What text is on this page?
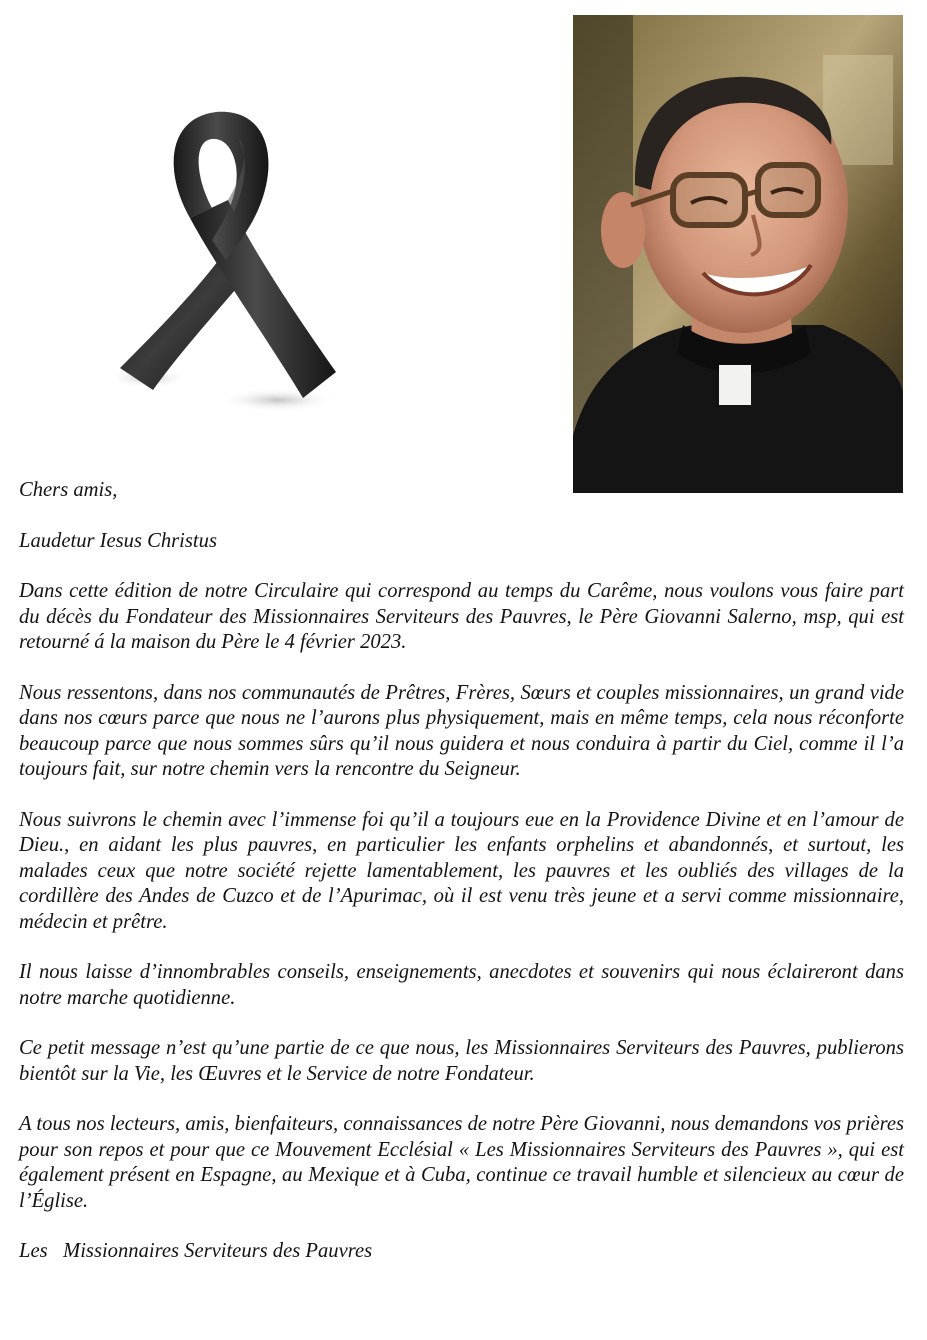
Chers amis,

Laudetur Iesus Christus

Dans cette édition de notre Circulaire qui correspond au temps du Carême, nous voulons vous faire part du décès du Fondateur des Missionnaires Serviteurs des Pauvres, le Père Giovanni Salerno, msp, qui est retourné á la maison du Père le 4 février 2023.

Nous ressentons, dans nos communautés de Prêtres, Frères, Sœurs et couples missionnaires, un grand vide dans nos cœurs parce que nous ne l’aurons plus physiquement, mais en même temps, cela nous réconforte beaucoup parce que nous sommes sûrs qu’il nous guidera et nous conduira à partir du Ciel, comme il l’a toujours fait, sur notre chemin vers la rencontre du Seigneur.

Nous suivrons le chemin avec l’immense foi qu’il a toujours eue en la Providence Divine et en l’amour de Dieu., en aidant les plus pauvres, en particulier les enfants orphelins et abandonnés, et surtout, les malades ceux que notre société rejette lamentablement, les pauvres et les oubliés des villages de la cordillère des Andes de Cuzco et de l’Apurimac, où il est venu très jeune et a servi comme missionnaire, médecin et prêtre.

Il nous laisse d’innombrables conseils, enseignements, anecdotes et souvenirs qui nous éclaireront dans notre marche quotidienne.

Ce petit message n’est qu’une partie de ce que nous, les Missionnaires Serviteurs des Pauvres, publierons bientôt sur la Vie, les Œuvres et le Service de notre Fondateur.

A tous nos lecteurs, amis, bienfaiteurs, connaissances de notre Père Giovanni, nous demandons vos prières pour son repos et pour que ce Mouvement Ecclésial « Les Missionnaires Serviteurs des Pauvres », qui est également présent en Espagne, au Mexique et à Cuba, continue ce travail humble et silencieux au cœur de l’Église.

Les   Missionnaires Serviteurs des Pauvres
